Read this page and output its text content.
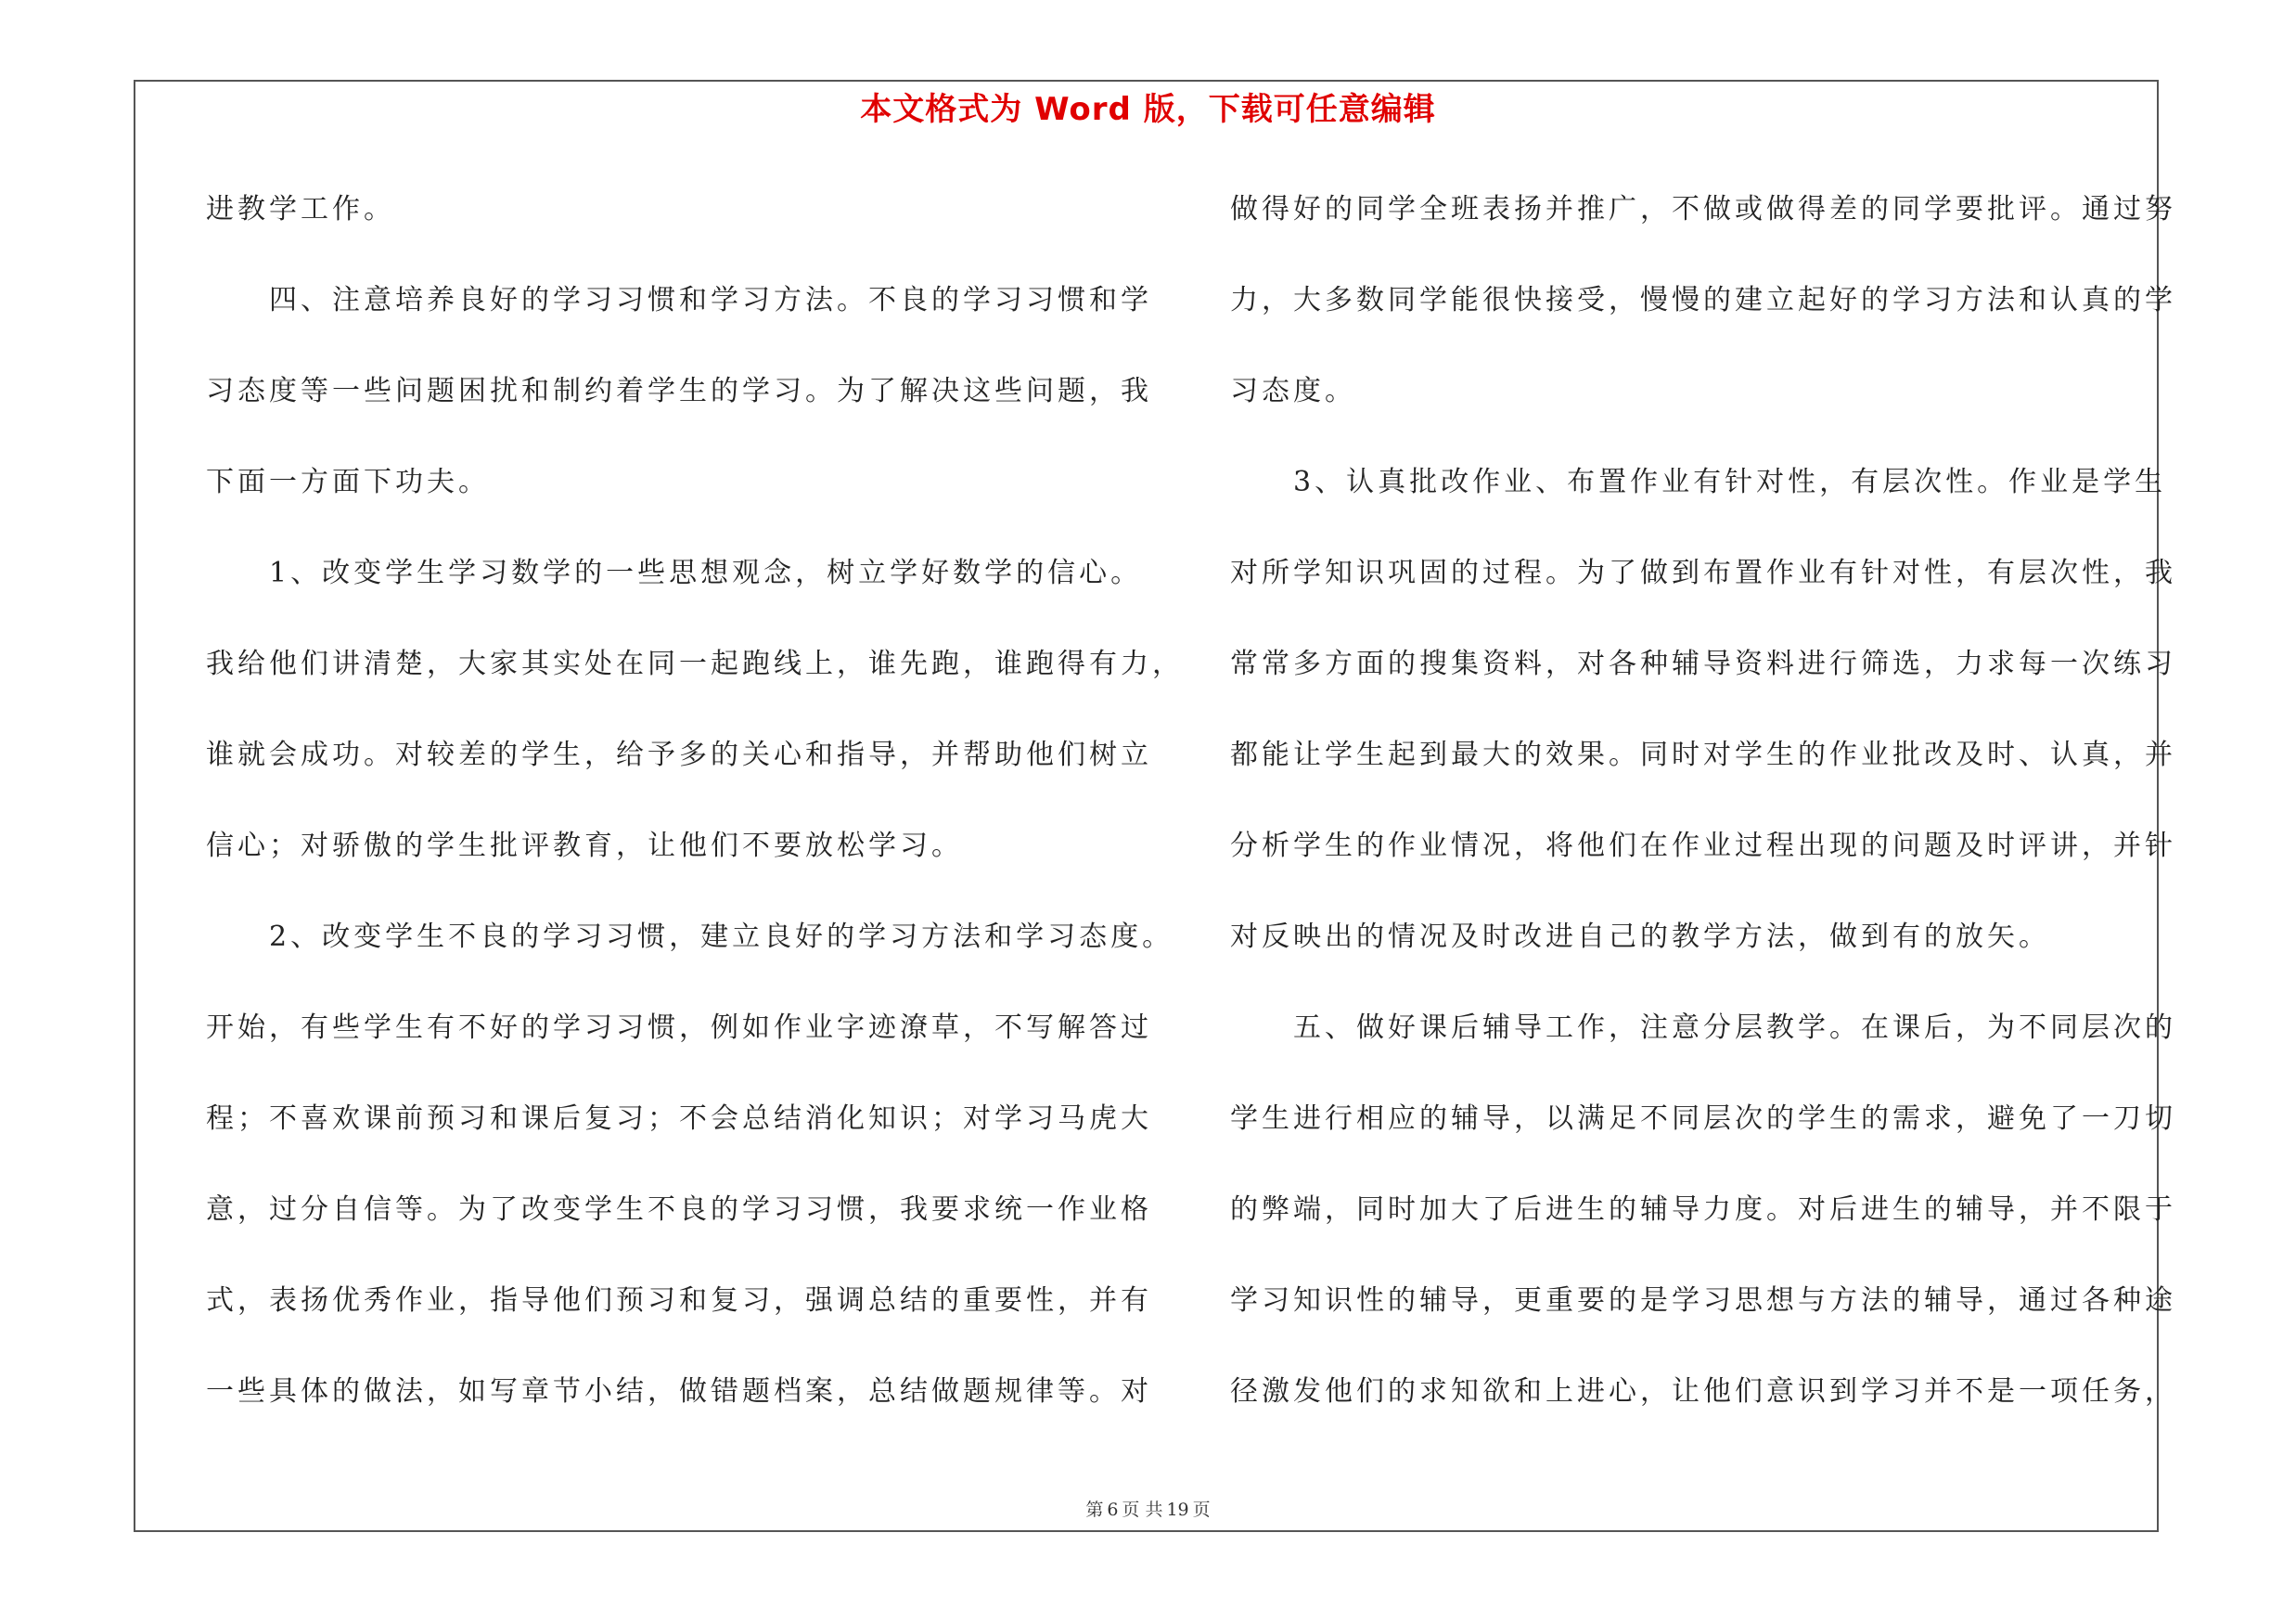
本文格式为 Word 版，下载可任意编辑
进教学工作。
　　四、注意培养良好的学习习惯和学习方法。不良的学习习惯和学
习态度等一些问题困扰和制约着学生的学习。为了解决这些问题，我
下面一方面下功夫。
　　1、改变学生学习数学的一些思想观念，树立学好数学的信心。
我给他们讲清楚，大家其实处在同一起跑线上，谁先跑，谁跑得有力，
谁就会成功。对较差的学生，给予多的关心和指导，并帮助他们树立
信心；对骄傲的学生批评教育，让他们不要放松学习。
　　2、改变学生不良的学习习惯，建立良好的学习方法和学习态度。
开始，有些学生有不好的学习习惯，例如作业字迹潦草，不写解答过
程；不喜欢课前预习和课后复习；不会总结消化知识；对学习马虎大
意，过分自信等。为了改变学生不良的学习习惯，我要求统一作业格
式，表扬优秀作业，指导他们预习和复习，强调总结的重要性，并有
一些具体的做法，如写章节小结，做错题档案，总结做题规律等。对
做得好的同学全班表扬并推广，不做或做得差的同学要批评。通过努
力，大多数同学能很快接受，慢慢的建立起好的学习方法和认真的学
习态度。
　　3、认真批改作业、布置作业有针对性，有层次性。作业是学生
对所学知识巩固的过程。为了做到布置作业有针对性，有层次性，我
常常多方面的搜集资料，对各种辅导资料进行筛选，力求每一次练习
都能让学生起到最大的效果。同时对学生的作业批改及时、认真，并
分析学生的作业情况，将他们在作业过程出现的问题及时评讲，并针
对反映出的情况及时改进自己的教学方法，做到有的放矢。
　　五、做好课后辅导工作，注意分层教学。在课后，为不同层次的
学生进行相应的辅导，以满足不同层次的学生的需求，避免了一刀切
的弊端，同时加大了后进生的辅导力度。对后进生的辅导，并不限于
学习知识性的辅导，更重要的是学习思想与方法的辅导，通过各种途
径激发他们的求知欲和上进心，让他们意识到学习并不是一项任务，
第 6 页 共 19 页
